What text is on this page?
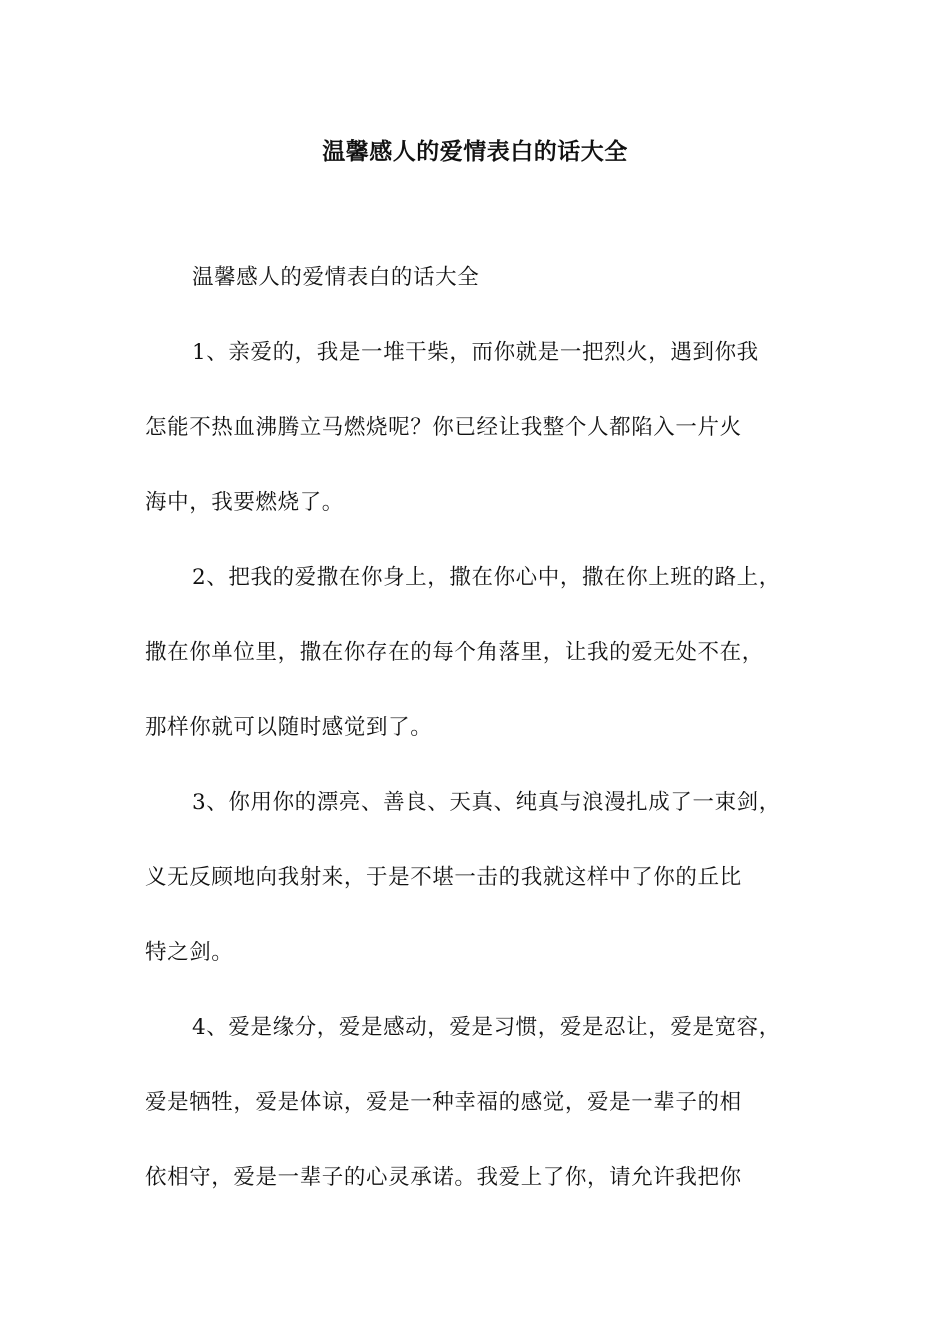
温馨感人的爱情表白的话大全
温馨感人的爱情表白的话大全
1、亲爱的，我是一堆干柴，而你就是一把烈火，遇到你我
怎能不热血沸腾立马燃烧呢？你已经让我整个人都陷入一片火
海中，我要燃烧了。
2、把我的爱撒在你身上，撒在你心中，撒在你上班的路上，
撒在你单位里，撒在你存在的每个角落里，让我的爱无处不在，
那样你就可以随时感觉到了。
3、你用你的漂亮、善良、天真、纯真与浪漫扎成了一束剑，
义无反顾地向我射来，于是不堪一击的我就这样中了你的丘比
特之剑。
4、爱是缘分，爱是感动，爱是习惯，爱是忍让，爱是宽容，
爱是牺牲，爱是体谅，爱是一种幸福的感觉，爱是一辈子的相
依相守，爱是一辈子的心灵承诺。我爱上了你，请允许我把你
